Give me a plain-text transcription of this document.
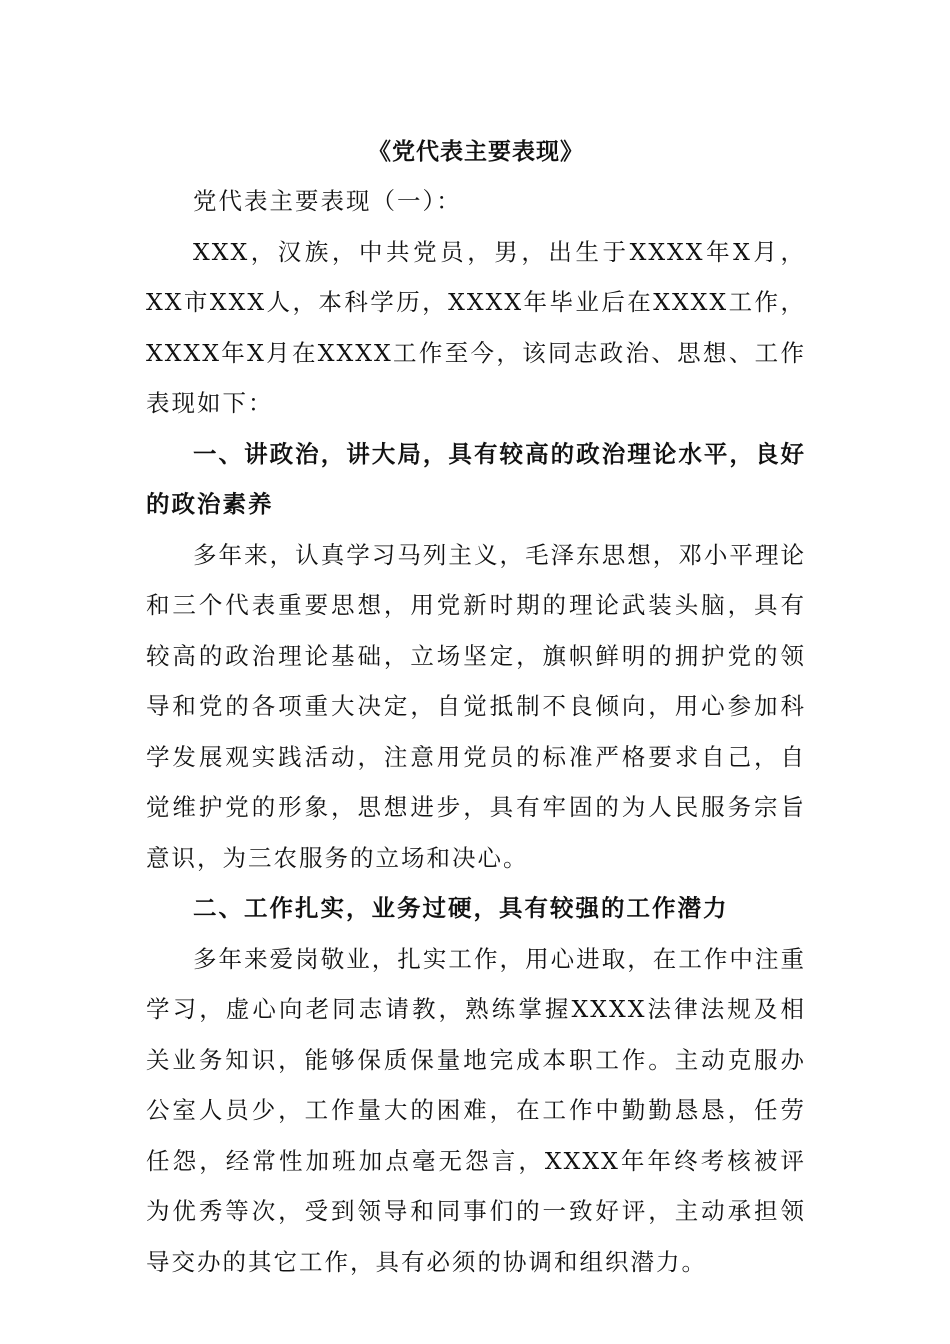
《党代表主要表现》

党代表主要表现（一）：

XXX，汉族，中共党员，男，出生于XXXX年X月，XX市XXX人，本科学历，XXXX年毕业后在XXXX工作，XXXX年X月在XXXX工作至今，该同志政治、思想、工作表现如下：

一、讲政治，讲大局，具有较高的政治理论水平，良好的政治素养

多年来，认真学习马列主义，毛泽东思想，邓小平理论和三个代表重要思想，用党新时期的理论武装头脑，具有较高的政治理论基础，立场坚定，旗帜鲜明的拥护党的领导和党的各项重大决定，自觉抵制不良倾向，用心参加科学发展观实践活动，注意用党员的标准严格要求自己，自觉维护党的形象，思想进步，具有牢固的为人民服务宗旨意识，为三农服务的立场和决心。

二、工作扎实，业务过硬，具有较强的工作潜力

多年来爱岗敬业，扎实工作，用心进取，在工作中注重学习，虚心向老同志请教，熟练掌握XXXX法律法规及相关业务知识，能够保质保量地完成本职工作。主动克服办公室人员少，工作量大的困难，在工作中勤勤恳恳，任劳任怨，经常性加班加点毫无怨言，XXXX年年终考核被评为优秀等次，受到领导和同事们的一致好评，主动承担领导交办的其它工作，具有必须的协调和组织潜力。
